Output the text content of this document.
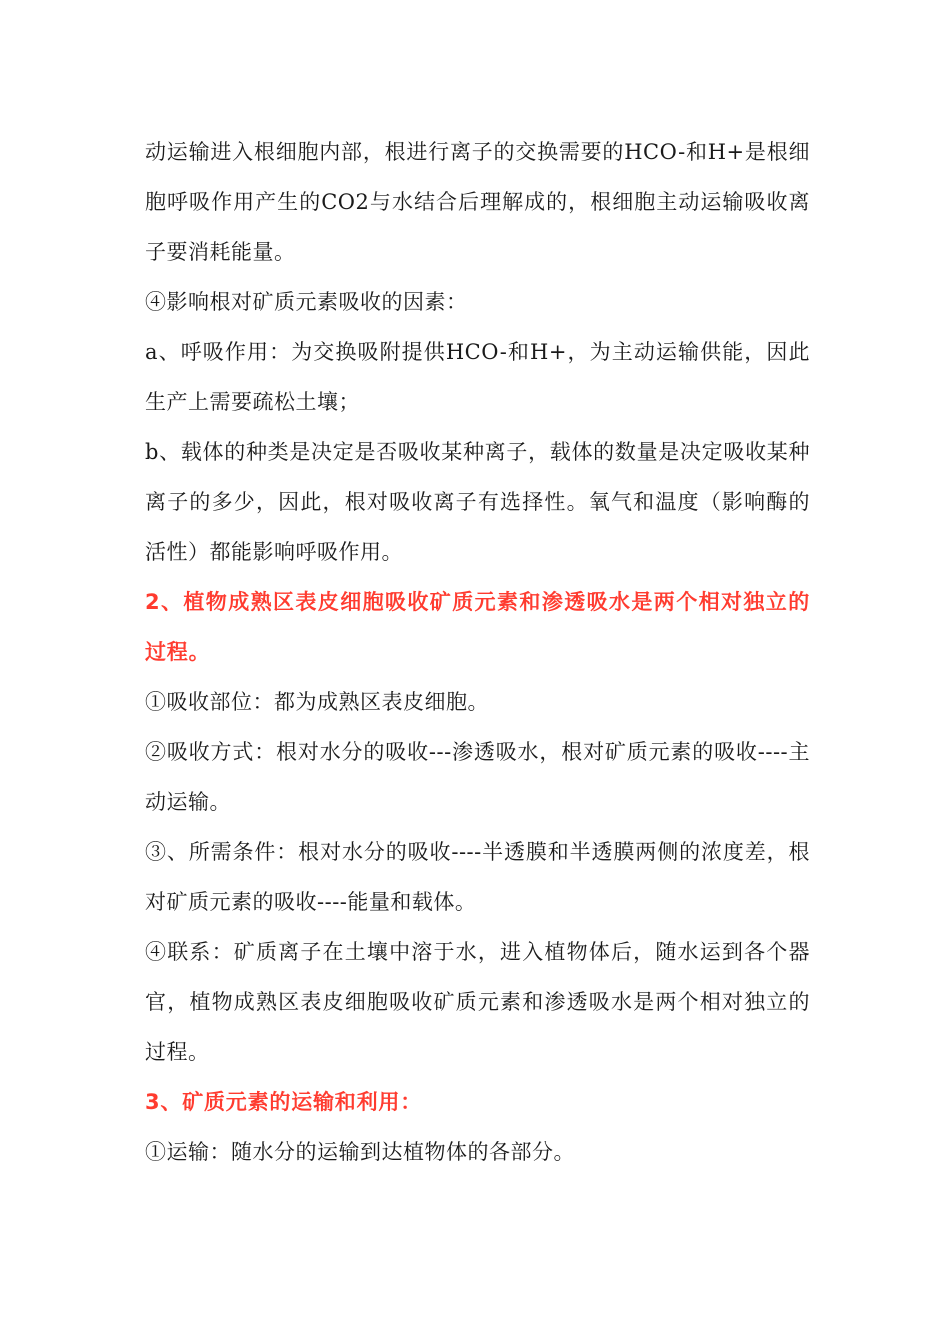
动运输进入根细胞内部，根进行离子的交换需要的HCO-和H+是根细胞呼吸作用产生的CO2与水结合后理解成的，根细胞主动运输吸收离子要消耗能量。

④影响根对矿质元素吸收的因素：

a、呼吸作用：为交换吸附提供HCO-和H+，为主动运输供能，因此生产上需要疏松土壤；

b、载体的种类是决定是否吸收某种离子，载体的数量是决定吸收某种离子的多少，因此，根对吸收离子有选择性。氧气和温度（影响酶的活性）都能影响呼吸作用。

2、植物成熟区表皮细胞吸收矿质元素和渗透吸水是两个相对独立的过程。

①吸收部位：都为成熟区表皮细胞。

②吸收方式：根对水分的吸收---渗透吸水，根对矿质元素的吸收----主动运输。

③、所需条件：根对水分的吸收----半透膜和半透膜两侧的浓度差，根对矿质元素的吸收----能量和载体。

④联系：矿质离子在土壤中溶于水，进入植物体后，随水运到各个器官，植物成熟区表皮细胞吸收矿质元素和渗透吸水是两个相对独立的过程。

3、矿质元素的运输和利用：

①运输：随水分的运输到达植物体的各部分。
